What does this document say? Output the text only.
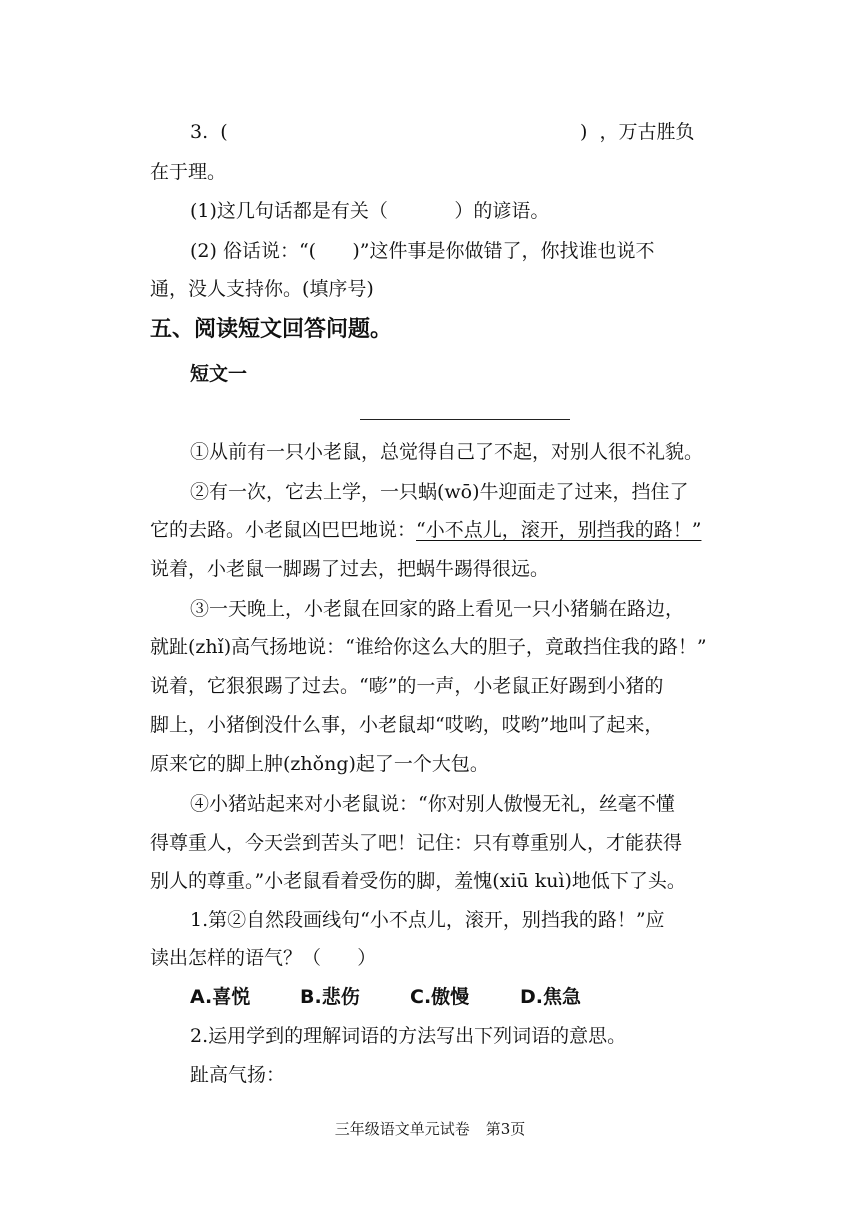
3.  (	)  ，万古胜负
在于理。
(1)这几句话都是有关（           ）的谚语。
(2) 俗话说：“(      )”这件事是你做错了，你找谁也说不
通，没人支持你。(填序号)
五、阅读短文回答问题。
短文一
①从前有一只小老鼠，总觉得自己了不起，对别人很不礼貌。
②有一次，它去上学，一只蜗(wō)牛迎面走了过来，挡住了
它的去路。小老鼠凶巴巴地说：“小不点儿，滚开，别挡我的路！”
说着，小老鼠一脚踢了过去，把蜗牛踢得很远。
③一天晚上，小老鼠在回家的路上看见一只小猪躺在路边，
就趾(zhǐ)高气扬地说：“谁给你这么大的胆子，竟敢挡住我的路！”
说着，它狠狠踢了过去。“嘭”的一声，小老鼠正好踢到小猪的
脚上，小猪倒没什么事，小老鼠却“哎哟，哎哟”地叫了起来，
原来它的脚上肿(zhǒng)起了一个大包。
④小猪站起来对小老鼠说：“你对别人傲慢无礼，丝毫不懂
得尊重人，今天尝到苦头了吧！记住：只有尊重别人，才能获得
别人的尊重。”小老鼠看着受伤的脚，羞愧(xiū kuì)地低下了头。
1.第②自然段画线句“小不点儿，滚开，别挡我的路！”应
读出怎样的语气？（      ）
A.喜悦	B.悲伤	C.傲慢	D.焦急
2.运用学到的理解词语的方法写出下列词语的意思。
趾高气扬：
三年级语文单元试卷 第3页
